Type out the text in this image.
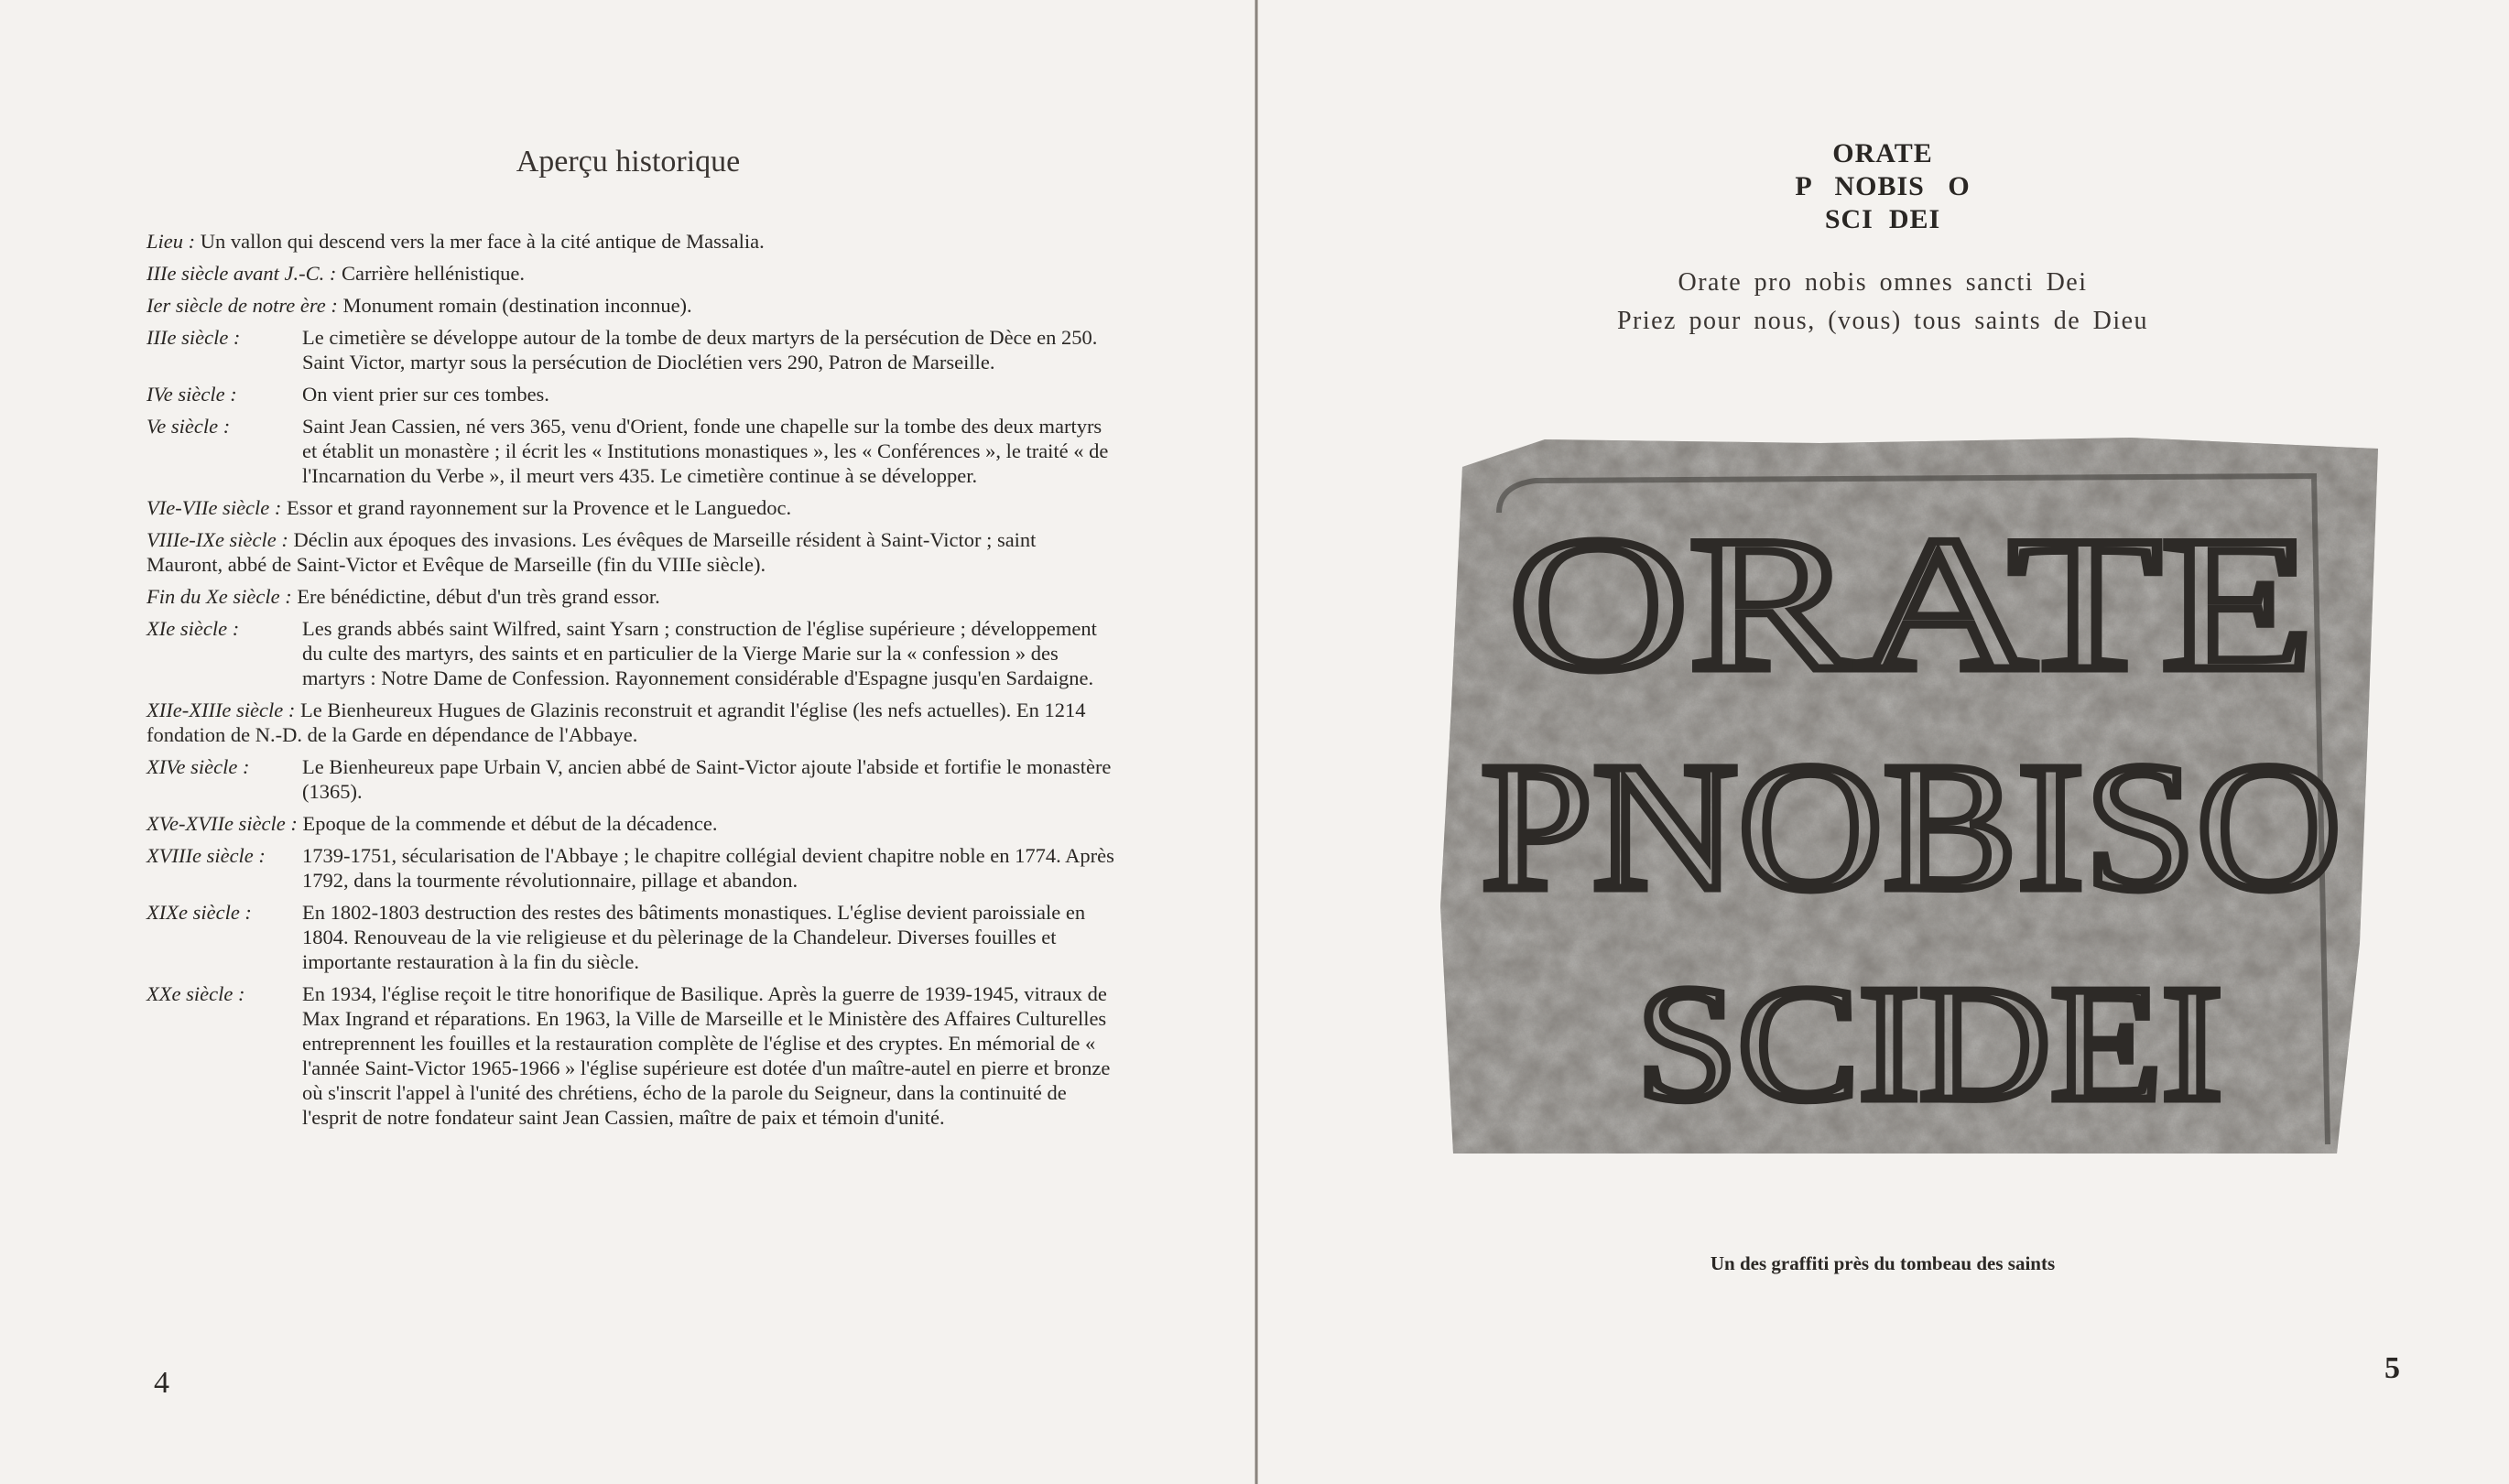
Aperçu historique
Lieu : Un vallon qui descend vers la mer face à la cité antique de Massalia.
IIIe siècle avant J.-C. : Carrière hellénistique.
Ier siècle de notre ère : Monument romain (destination inconnue).
IIIe siècle :	Le cimetière se développe autour de la tombe de deux martyrs de la persécution de Dèce en 250. Saint Victor, martyr sous la persécution de Dioclétien vers 290, Patron de Marseille.
IVe siècle :	On vient prier sur ces tombes.
Ve siècle :	Saint Jean Cassien, né vers 365, venu d'Orient, fonde une chapelle sur la tombe des deux martyrs et établit un monastère ; il écrit les « Institutions monastiques », les « Conférences », le traité « de l'Incarnation du Verbe », il meurt vers 435. Le cimetière continue à se développer.
VIe-VIIe siècle : Essor et grand rayonnement sur la Provence et le Languedoc.
VIIIe-IXe siècle : Déclin aux époques des invasions. Les évêques de Marseille résident à Saint-Victor ; saint Mauront, abbé de Saint-Victor et Evêque de Marseille (fin du VIIIe siècle).
Fin du Xe siècle : Ere bénédictine, début d'un très grand essor.
XIe siècle :	Les grands abbés saint Wilfred, saint Ysarn ; construction de l'église supérieure ; développement du culte des martyrs, des saints et en particulier de la Vierge Marie sur la « confession » des martyrs : Notre Dame de Confession. Rayonnement considérable d'Espagne jusqu'en Sardaigne.
XIIe-XIIIe siècle : Le Bienheureux Hugues de Glazinis reconstruit et agrandit l'église (les nefs actuelles). En 1214 fondation de N.-D. de la Garde en dépendance de l'Abbaye.
XIVe siècle :	Le Bienheureux pape Urbain V, ancien abbé de Saint-Victor ajoute l'abside et fortifie le monastère (1365).
XVe-XVIIe siècle : Epoque de la commende et début de la décadence.
XVIIIe siècle : 1739-1751, sécularisation de l'Abbaye ; le chapitre collégial devient chapitre noble en 1774. Après 1792, dans la tourmente révolutionnaire, pillage et abandon.
XIXe siècle : En 1802-1803 destruction des restes des bâtiments monastiques. L'église devient paroissiale en 1804. Renouveau de la vie religieuse et du pèlerinage de la Chandeleur. Diverses fouilles et importante restauration à la fin du siècle.
XXe siècle :	En 1934, l'église reçoit le titre honorifique de Basilique. Après la guerre de 1939-1945, vitraux de Max Ingrand et réparations. En 1963, la Ville de Marseille et le Ministère des Affaires Culturelles entreprennent les fouilles et la restauration complète de l'église et des cryptes. En mémorial de « l'année Saint-Victor 1965-1966 » l'église supérieure est dotée d'un maître-autel en pierre et bronze où s'inscrit l'appel à l'unité des chrétiens, écho de la parole du Seigneur, dans la continuité de l'esprit de notre fondateur saint Jean Cassien, maître de paix et témoin d'unité.
4
ORATE
P   NOBIS   O
SCI  DEI
Orate pro nobis omnes sancti Dei
Priez pour nous, (vous) tous saints de Dieu
ORATE
PNOBISO
SCIDEI
Un des graffiti près du tombeau des saints
5
